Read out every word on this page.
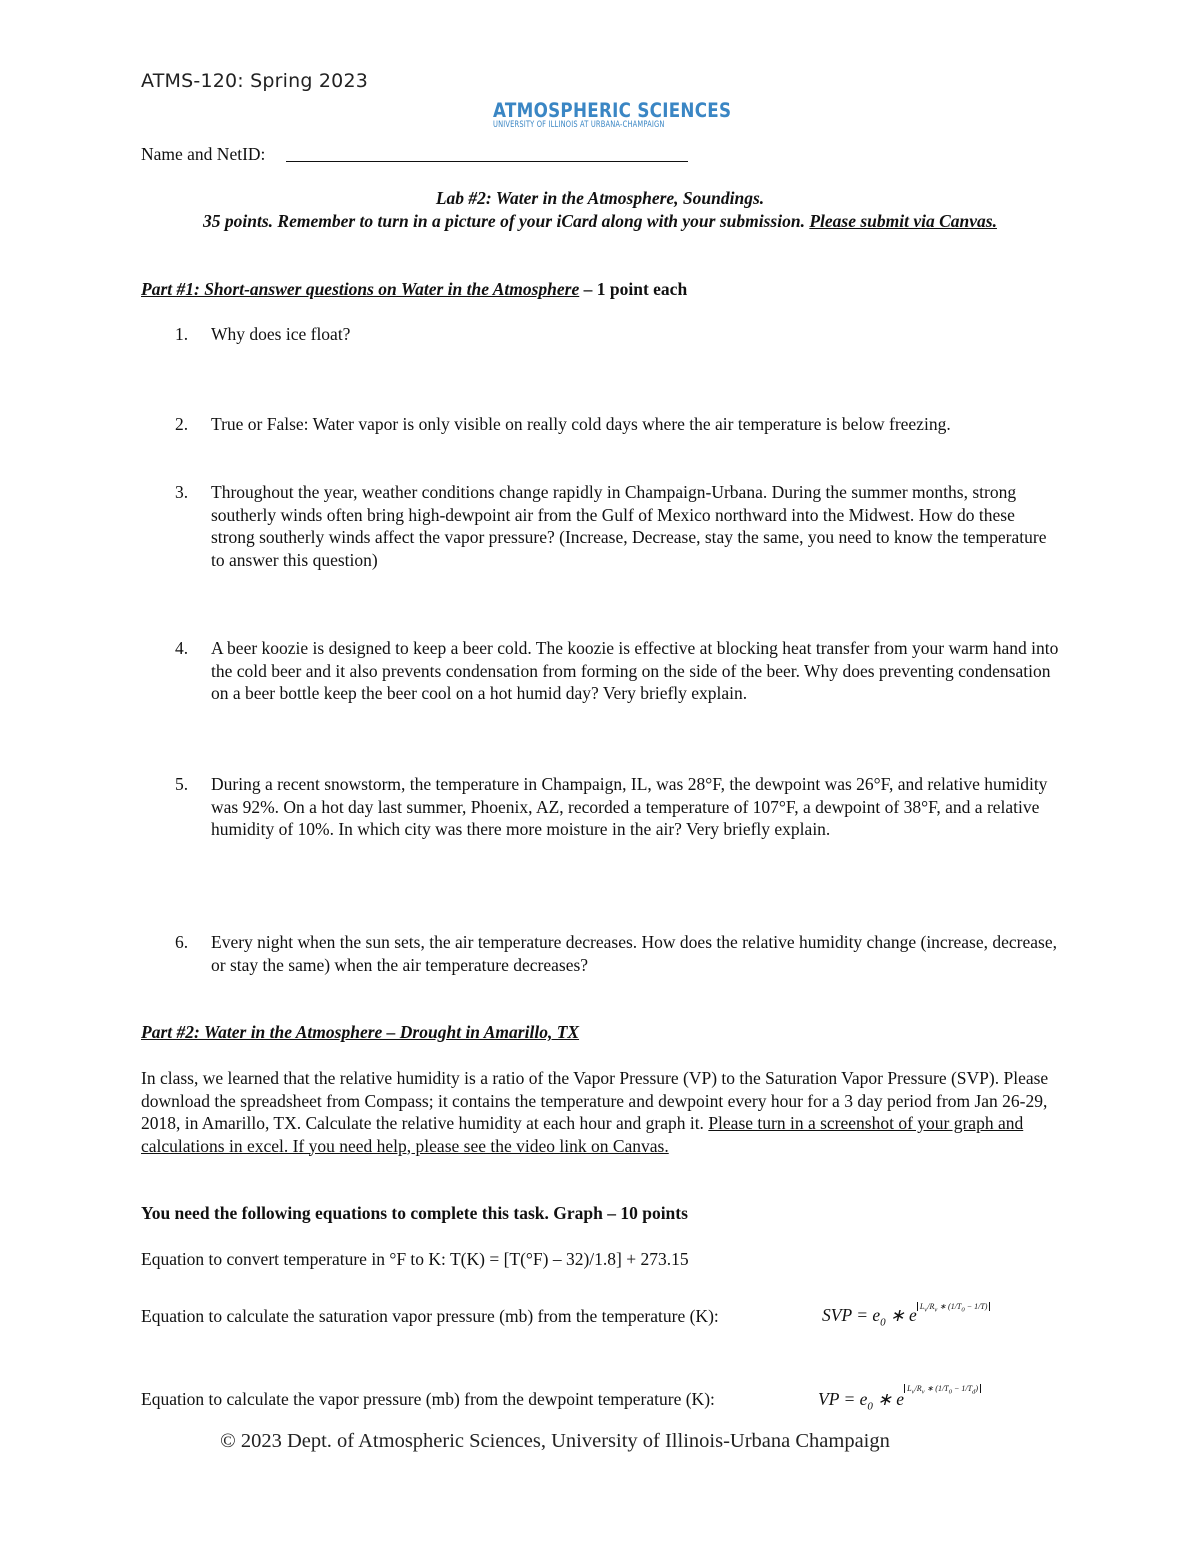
ATMS-120: Spring 2023
ATMOSPHERIC SCIENCES
UNIVERSITY OF ILLINOIS AT URBANA-CHAMPAIGN
Name and NetID:
Lab #2: Water in the Atmosphere, Soundings.
35 points. Remember to turn in a picture of your iCard along with your submission. Please submit via Canvas.
Part #1: Short-answer questions on Water in the Atmosphere – 1 point each
1. Why does ice float?
2. True or False: Water vapor is only visible on really cold days where the air temperature is below freezing.
3. Throughout the year, weather conditions change rapidly in Champaign-Urbana. During the summer months, strong southerly winds often bring high-dewpoint air from the Gulf of Mexico northward into the Midwest. How do these strong southerly winds affect the vapor pressure? (Increase, Decrease, stay the same, you need to know the temperature to answer this question)
4. A beer koozie is designed to keep a beer cold. The koozie is effective at blocking heat transfer from your warm hand into the cold beer and it also prevents condensation from forming on the side of the beer. Why does preventing condensation on a beer bottle keep the beer cool on a hot humid day? Very briefly explain.
5. During a recent snowstorm, the temperature in Champaign, IL, was 28°F, the dewpoint was 26°F, and relative humidity was 92%. On a hot day last summer, Phoenix, AZ, recorded a temperature of 107°F, a dewpoint of 38°F, and a relative humidity of 10%. In which city was there more moisture in the air? Very briefly explain.
6. Every night when the sun sets, the air temperature decreases. How does the relative humidity change (increase, decrease, or stay the same) when the air temperature decreases?
Part #2: Water in the Atmosphere – Drought in Amarillo, TX
In class, we learned that the relative humidity is a ratio of the Vapor Pressure (VP) to the Saturation Vapor Pressure (SVP). Please download the spreadsheet from Compass; it contains the temperature and dewpoint every hour for a 3 day period from Jan 26-29, 2018, in Amarillo, TX. Calculate the relative humidity at each hour and graph it. Please turn in a screenshot of your graph and calculations in excel. If you need help, please see the video link on Canvas.
You need the following equations to complete this task. Graph – 10 points
Equation to convert temperature in °F to K: T(K) = [T(°F) – 32)/1.8] + 273.15
Equation to calculate the saturation vapor pressure (mb) from the temperature (K):	SVP = $e_0$ ∗ e $^{L_v/R_v ∗ (1/T_0 - 1/T)}$
Equation to calculate the vapor pressure (mb) from the dewpoint temperature (K):	VP = $e_0$ ∗ $e^{L_v/R_v ∗ (1/T_0 - 1/T_d)}$
© 2023 Dept. of Atmospheric Sciences, University of Illinois-Urbana Champaign
